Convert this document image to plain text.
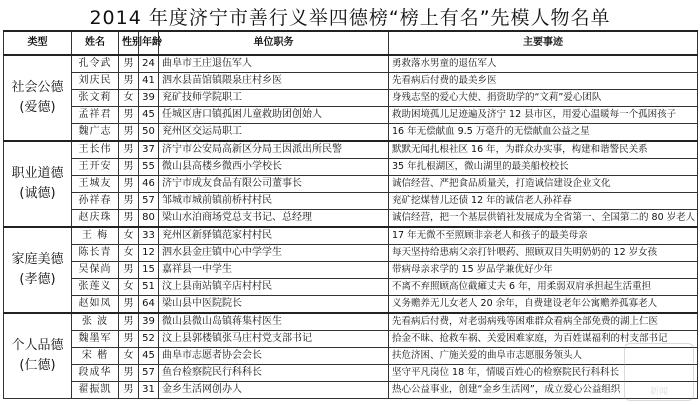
2014 年度济宁市善行义举四德榜“榜上有名”先模人物名单
类型	姓名	性别	年龄	单位职务	主要事迹

社会公德
(爱德)	孔令武	男	24	曲阜市王庄退伍军人	勇救落水男童的退伍军人
	刘庆民	男	41	泗水县苗馆镇隈泉庄村乡医	先看病后付费的最美乡医
	张文莉	女	39	兖矿技师学院职工	身残志坚的爱心大使、捐资助学的“文莉”爱心团队
	孟祥君	男	45	任城区唐口镇孤困儿童救助团创始人	救助困境孤儿足迹遍及济宁 12 县市区，用爱心温暖每一个孤困孩子
	魏广志	男	50	兖州区交运局职工	16 年无偿献血 9.5 万毫升的无偿献血公益之星

职业道德
(诚德)	王长伟	男	37	济宁市公安局高新区分局王因派出所民警	默默无闻扎根社区 16 年，为群众办实事，构建和谐警民关系
	王开安	男	55	微山县高楼乡微西小学校长	35 年扎根湖区，微山湖里的最美船校校长
	王城友	男	46	济宁市成友食品有限公司董事长	诚信经营、严把食品质量关，打造诚信建设企业文化
	孙祥春	男	57	邹城市城前镇前桥村村民	兖矿挖煤替儿还债 12 年的诚信老人孙祥春
	赵庆珠	男	80	梁山水泊商场党总支书记、总经理	诚信经营，把一个基层供销社发展成为全省第一、全国第二的 80 岁老人

家庭美德
(孝德)	王 梅	女	33	兖州区新驿镇范家村村民	17 年无微不至照顾非亲老人和孩子的最美母亲
	陈长青	女	12	泗水县金庄镇中心中学学生	每天坚持给患病父亲打针喂药、照顾双目失明奶奶的 12 岁女孩
	吴保尚	男	15	嘉祥县一中学生	带病母亲求学的 15 岁品学兼优好少年
	张莲义	女	51	汶上县南站镇辛店村村民	不离不弃照顾高位截瘫丈夫 6 年，用柔弱双肩承担起生活重担
	赵如凤	男	64	梁山县中医院院长	义务赡养无儿女老人 20 余年，自费建设老年公寓赡养孤寡老人

个人品德
(仁德)	张 波	男	39	微山县微山岛镇蒋集村医生	先看病后付费，对老弱病残等困难群众看病全部免费的湖上仁医
	魏墨军	男	52	汶上县郭楼镇张马庄村党支部书记	拾金不昧、抢救车祸、关爱困难家庭，为百姓谋福利的村支部书记
	宋 楷	女	45	曲阜市志愿者协会会长	扶危济困、广施关爱的曲阜市志愿服务领头人
	段成华	男	57	鱼台检察院民行科科长	坚守平凡岗位 18 年，情暖百姓心的检察院民行科科长
	翟振凯	男	31	金乡生活网创办人	热心公益事业，创建“金乡生活网”，成立爱心公益组织	新闻
